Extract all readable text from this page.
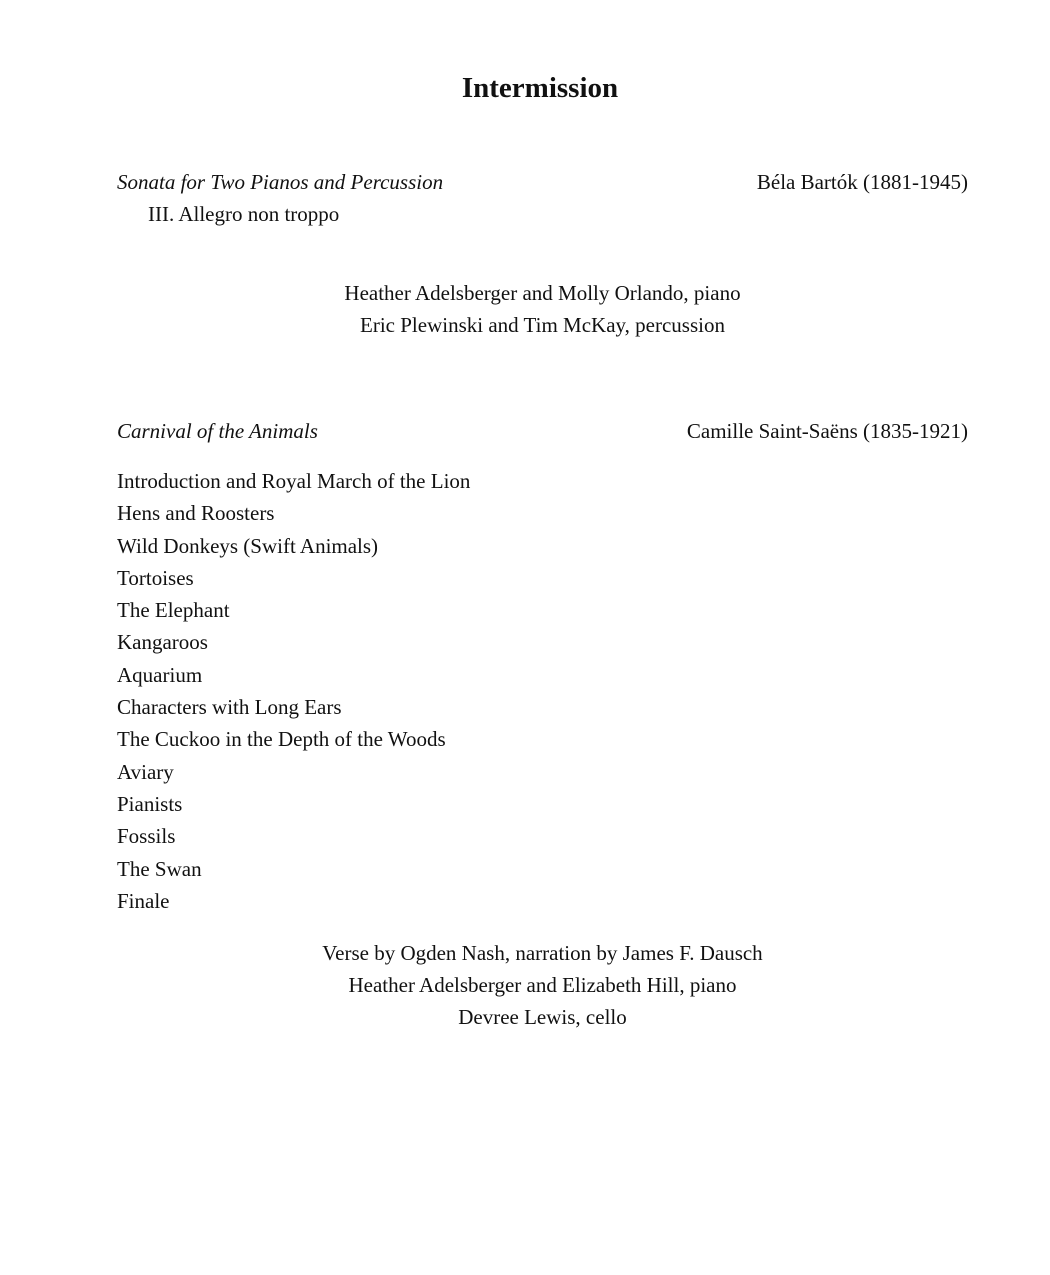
Intermission
Sonata for Two Pianos and Percussion	Béla Bartók (1881-1945)
III. Allegro non troppo
Heather Adelsberger and Molly Orlando, piano
Eric Plewinski and Tim McKay, percussion
Carnival of the Animals	Camille Saint-Saëns (1835-1921)
Introduction and Royal March of the Lion
Hens and Roosters
Wild Donkeys (Swift Animals)
Tortoises
The Elephant
Kangaroos
Aquarium
Characters with Long Ears
The Cuckoo in the Depth of the Woods
Aviary
Pianists
Fossils
The Swan
Finale
Verse by Ogden Nash, narration by James F. Dausch
Heather Adelsberger and Elizabeth Hill, piano
Devree Lewis, cello
